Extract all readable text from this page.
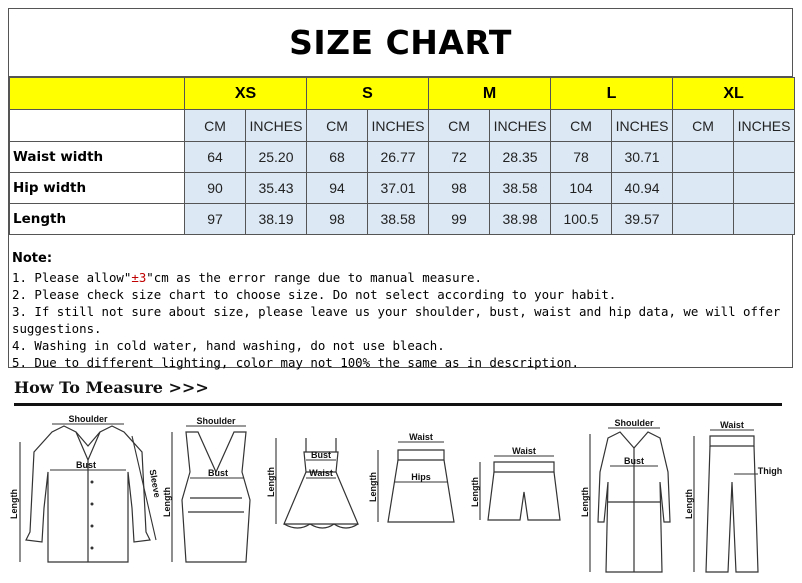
SIZE CHART
	XS		S		M		L		XL	
	CM	INCHES	CM	INCHES	CM	INCHES	CM	INCHES	CM	INCHES
Waist width	64	25.20	68	26.77	72	28.35	78	30.71		
Hip width	90	35.43	94	37.01	98	38.58	104	40.94		
Length	97	38.19	98	38.58	99	38.98	100.5	39.57		
Note:
1. Please allow"±3"cm as the error range due to manual measure.
2. Please check size chart to choose size. Do not select according to your habit.
3. If still not sure about size, please leave us your shoulder, bust, waist and hip data, we will offer suggestions.
4. Washing in cold water, hand washing, do not use bleach.
5. Due to different lighting, color may not 100% the same as in description.
How To Measure >>>
Shoulder
Bust
Length
Sleeve
Shoulder
Bust
Length
Bust
Waist
Length
Waist
Hips
Length
Waist
Length
Shoulder
Bust
Length
Waist
Thigh
Length
